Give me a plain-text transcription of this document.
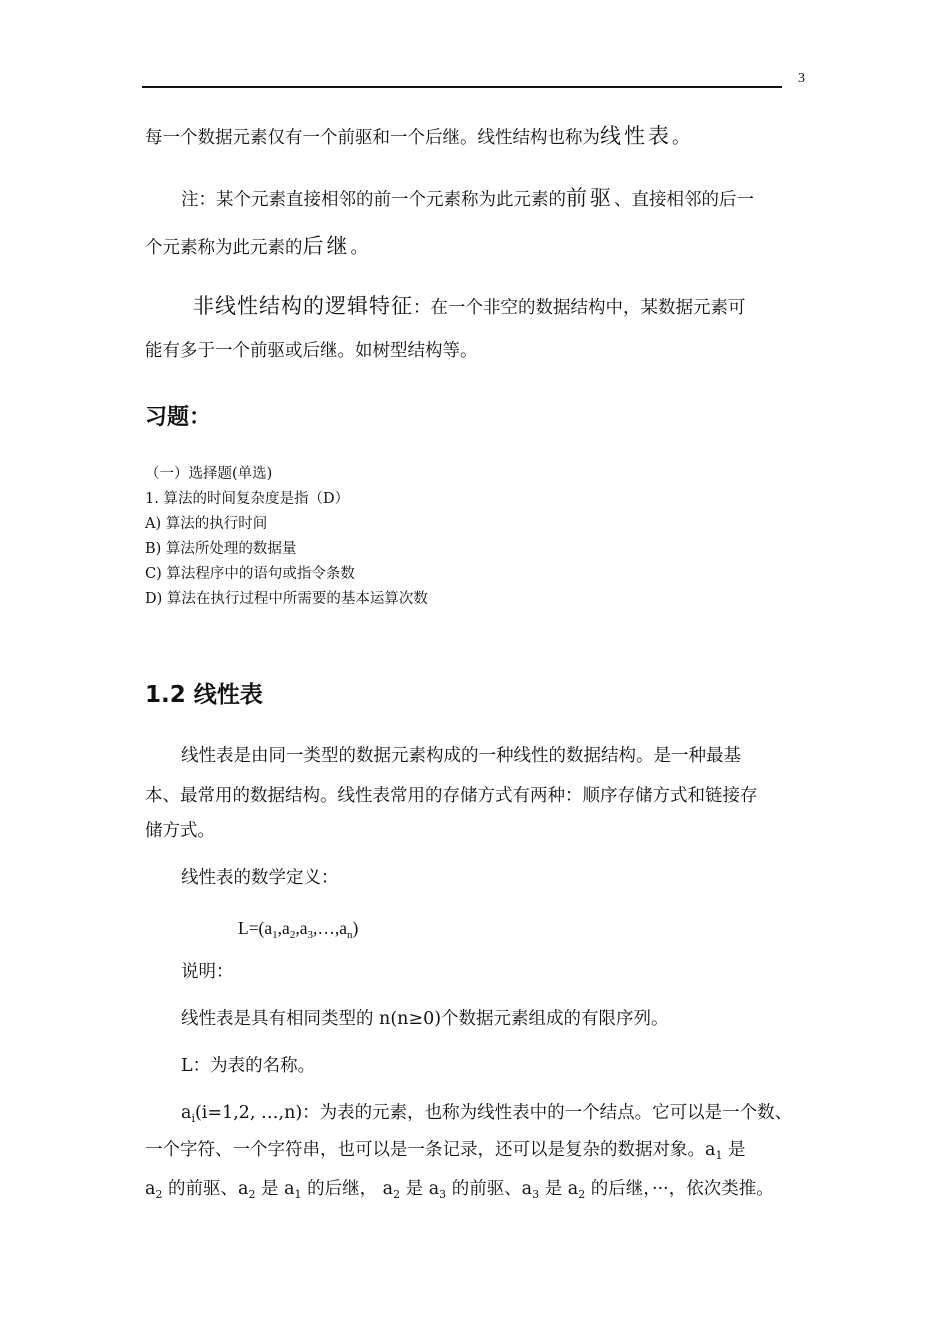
3
每一个数据元素仅有一个前驱和一个后继。线性结构也称为线性表。
注：某个元素直接相邻的前一个元素称为此元素的前驱、直接相邻的后一
个元素称为此元素的后继。
非线性结构的逻辑特征：在一个非空的数据结构中，某数据元素可
能有多于一个前驱或后继。如树型结构等。
习题：
（一）选择题(单选)
1. 算法的时间复杂度是指（D）
A) 算法的执行时间
B) 算法所处理的数据量
C) 算法程序中的语句或指令条数
D) 算法在执行过程中所需要的基本运算次数
1.2 线性表
线性表是由同一类型的数据元素构成的一种线性的数据结构。是一种最基
本、最常用的数据结构。线性表常用的存储方式有两种：顺序存储方式和链接存
储方式。
线性表的数学定义：
$L=(a_1,a_2,a_3,\dots,a_n)$
说明：
线性表是具有相同类型的 n(n≥0)个数据元素组成的有限序列。
L：为表的名称。
$a_i(i=1,2$, …,n)：为表的元素，也称为线性表中的一个结点。它可以是一个数、
一个字符、一个字符串，也可以是一条记录，还可以是复杂的数据对象。$a_1$ 是
$a_2$ 的前驱、$a_2$ 是 $a_1$ 的后继， $a_2$ 是 $a_3$ 的前驱、$a_3$ 是 $a_2$ 的后继，···，依次类推。
